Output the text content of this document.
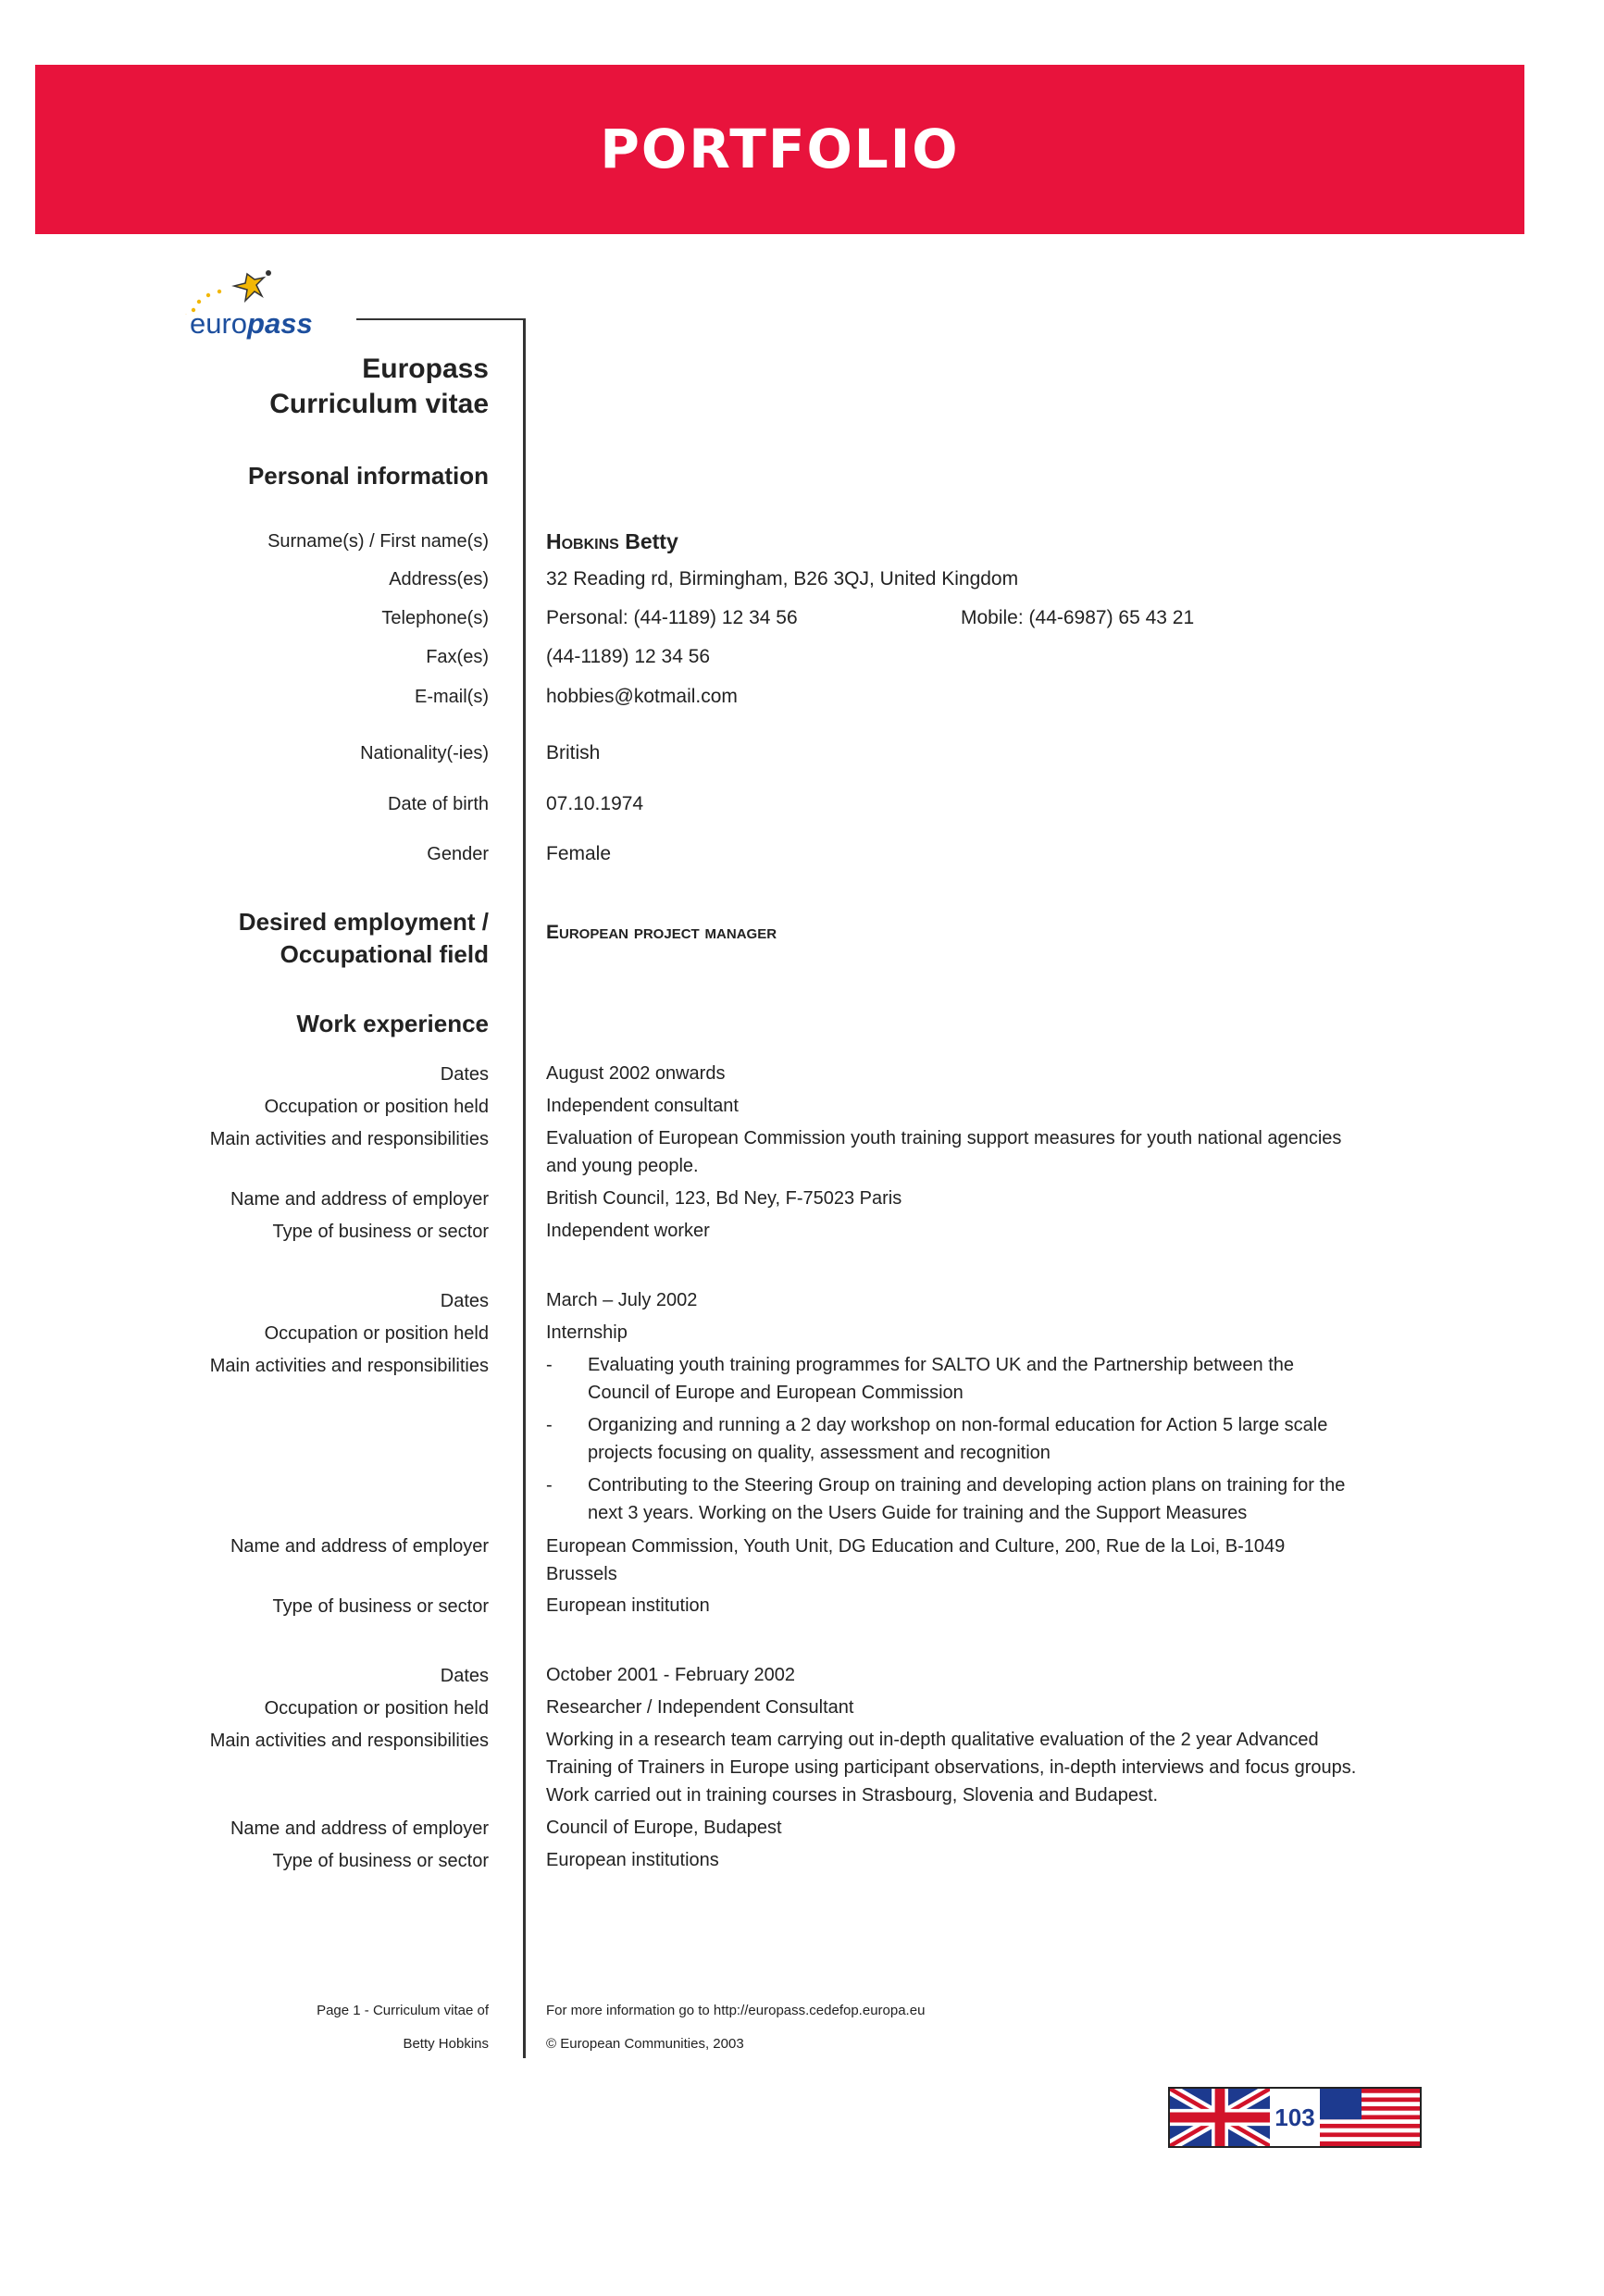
PORTFOLIO
europass
Europass
Curriculum vitae
Personal information
Surname(s) / First name(s)	Hobkins Betty
Address(es)	32 Reading rd, Birmingham, B26 3QJ, United Kingdom
Telephone(s)	Personal: (44-1189) 12 34 56	Mobile: (44-6987) 65 43 21
Fax(es)	(44-1189) 12 34 56
E-mail(s)	hobbies@kotmail.com
Nationality(-ies)	British
Date of birth	07.10.1974
Gender	Female
Desired employment /
Occupational field
European project manager
Work experience
Dates	August 2002 onwards
Occupation or position held	Independent consultant
Main activities and responsibilities	Evaluation of European Commission youth training support measures for youth national agencies and young people.
Name and address of employer	British Council, 123, Bd Ney, F-75023 Paris
Type of business or sector	Independent worker
Dates	March – July 2002
Occupation or position held	Internship
Main activities and responsibilities	- Evaluating youth training programmes for SALTO UK and the Partnership between the Council of Europe and European Commission
- Organizing and running a 2 day workshop on non-formal education for Action 5 large scale projects focusing on quality, assessment and recognition
- Contributing to the Steering Group on training and developing action plans on training for the next 3 years. Working on the Users Guide for training and the Support Measures
Name and address of employer	European Commission, Youth Unit, DG Education and Culture, 200, Rue de la Loi, B-1049 Brussels
Type of business or sector	European institution
Dates	October 2001 - February 2002
Occupation or position held	Researcher / Independent Consultant
Main activities and responsibilities	Working in a research team carrying out in-depth qualitative evaluation of the 2 year Advanced Training of Trainers in Europe using participant observations, in-depth interviews and focus groups. Work carried out in training courses in Strasbourg, Slovenia and Budapest.
Name and address of employer	Council of Europe, Budapest
Type of business or sector	European institutions
Page 1 - Curriculum vitae of
Betty Hobkins
For more information go to http://europass.cedefop.europa.eu
© European Communities, 2003
103
